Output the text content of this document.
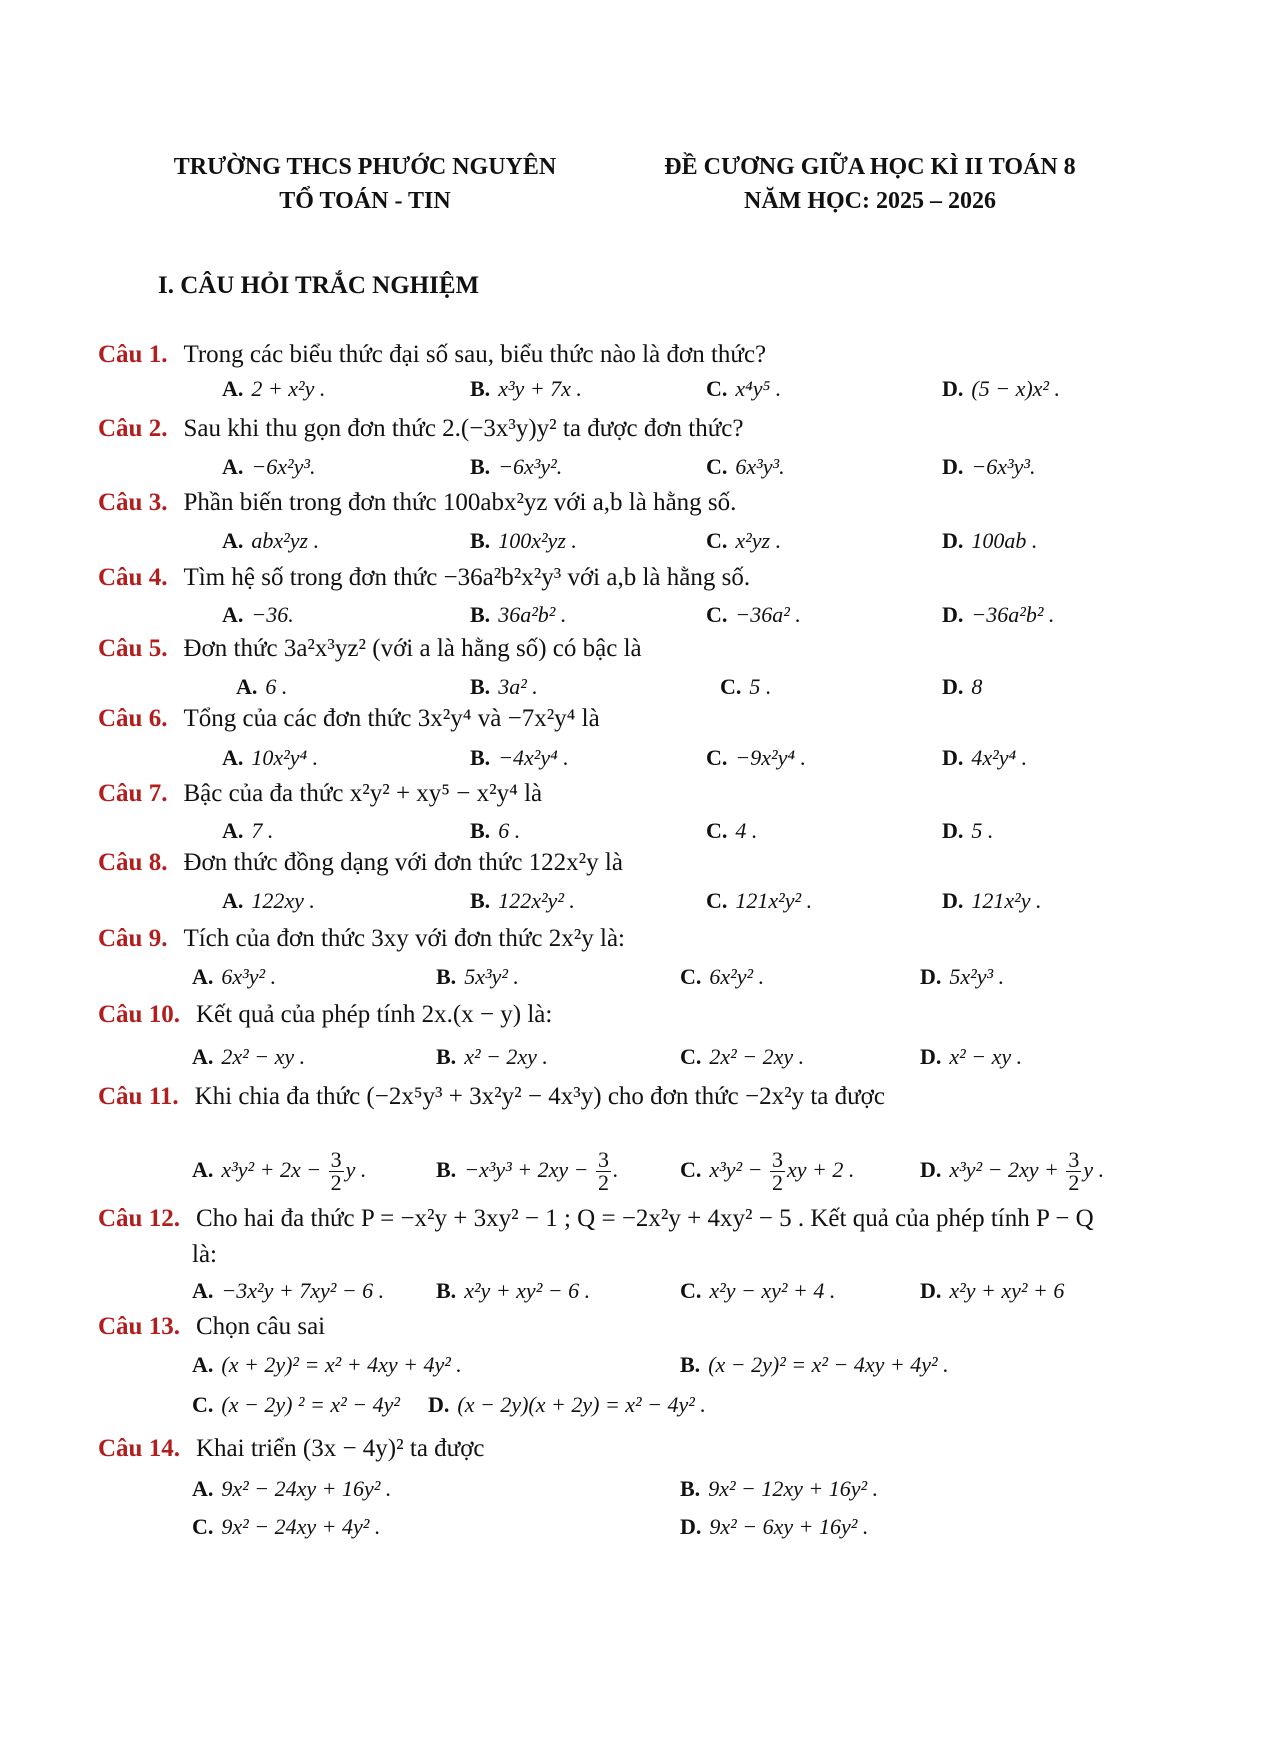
TRƯỜNG THCS PHƯỚC NGUYÊN
TỔ TOÁN - TIN
ĐỀ CƯƠNG GIỮA HỌC KÌ II TOÁN 8
NĂM HỌC: 2025 – 2026
I. CÂU HỎI TRẮC NGHIỆM
Câu 1. Trong các biểu thức đại số sau, biểu thức nào là đơn thức?
A. 2 + x²y .	B. x³y + 7x .	C. x⁴y⁵ .	D. (5 − x)x² .
Câu 2. Sau khi thu gọn đơn thức 2.(−3x³y)y² ta được đơn thức?
A. −6x²y³.	B. −6x³y².	C. 6x³y³.	D. −6x³y³.
Câu 3. Phần biến trong đơn thức 100abx²yz với a,b là hằng số.
A. abx²yz .	B. 100x²yz .	C. x²yz .	D. 100ab .
Câu 4. Tìm hệ số trong đơn thức −36a²b²x²y³ với a,b là hằng số.
A. −36.	B. 36a²b² .	C. −36a² .	D. −36a²b² .
Câu 5. Đơn thức 3a²x³yz² (với a là hằng số) có bậc là
A. 6 .	B. 3a² .	C. 5 .	D. 8
Câu 6. Tổng của các đơn thức 3x²y⁴ và −7x²y⁴ là
A. 10x²y⁴ .	B. −4x²y⁴ .	C. −9x²y⁴ .	D. 4x²y⁴ .
Câu 7. Bậc của đa thức x²y² + xy⁵ − x²y⁴ là
A. 7 .	B. 6 .	C. 4 .	D. 5 .
Câu 8. Đơn thức đồng dạng với đơn thức 122x²y là
A. 122xy .	B. 122x²y² .	C. 121x²y² .	D. 121x²y .
Câu 9. Tích của đơn thức 3xy với đơn thức 2x²y là:
A. 6x³y² .	B. 5x³y² .	C. 6x²y² .	D. 5x²y³ .
Câu 10. Kết quả của phép tính 2x.(x − y) là:
A. 2x² − xy .	B. x² − 2xy .	C. 2x² − 2xy .	D. x² − xy .
Câu 11. Khi chia đa thức (−2x⁵y³ + 3x²y² − 4x³y) cho đơn thức −2x²y ta được
A. $x^3y^2 + 2x - \frac{3}{2}$ y .	B. $-x^3y^3 + 2xy - \frac{3}{2}$ .	C. $x^3y^2 - \frac{3}{2}$ xy + 2 .	D. $x^3y^2 - 2xy + \frac{3}{2}$ y .
Câu 12. Cho hai đa thức P = −x²y + 3xy² − 1 ; Q = −2x²y + 4xy² − 5 . Kết quả của phép tính P − Q
là:
A. −3x²y + 7xy² − 6 . B. x²y + xy² − 6 .	C. x²y − xy² + 4 .	D. x²y + xy² + 6
Câu 13. Chọn câu sai
A. (x + 2y)² = x² + 4xy + 4y² .	B. (x − 2y)² = x² − 4xy + 4y² .
C. (x − 2y) ² = x² − 4y² D. (x − 2y)(x + 2y) = x² − 4y² .
Câu 14. Khai triển (3x − 4y)² ta được
A. 9x² − 24xy + 16y² .	B. 9x² − 12xy + 16y² .
C. 9x² − 24xy + 4y² .	D. 9x² − 6xy + 16y² .
